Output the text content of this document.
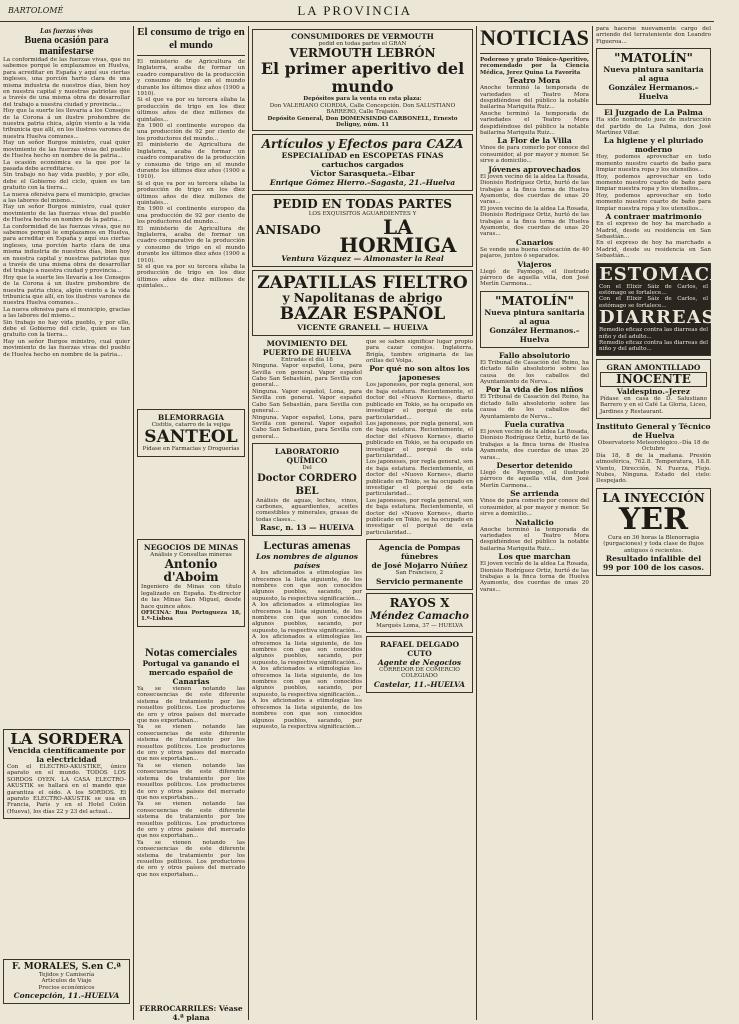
BARTOLOMÉ	LA PROVINCIA
Las fuerzas vivas
Buena ocasión para manifestarse

La conformidad de las fuerzas vivas, que no sabemos porqué le emplazamos en Huelva, para acreditar en España y aquí sus ciertas ingleses, una porción harto clara de una misma industria de nuestros días, bien hoy en nuestra capital y nuestras patriotas que a través de una misma obra de desarrollar del trabajo a nuestra ciudad y provincia...

Hoy que la suerte les llevaría a los Consejos de la Corona á un ilustre prohombre de nuestra patria chica, algún viento a la vida tribunicia que allí, en los ilustres varones de nuestra Huelva comunes...

Hay un señor Burgos ministro, cual quier movimiento de las fuerzas vivas del pueblo de Huelva hecho en nombre de la patria...

La ocasión económica es la que por la pasada debe acreditarse.

Sin trabajo no hay vida pueblo, y por ello, debe el Gobierno del ciclo, quien es tan gratuito con la tierra...

La nueva ofensiva para el municipio, gracias a las labores del mismo...

Hay un señor Burgos ministro, cual quier movimiento de las fuerzas vivas del pueblo de Huelva hecho en nombre de la patria...

La conformidad de las fuerzas vivas, que no sabemos porqué le emplazamos en Huelva, para acreditar en España y aquí sus ciertas ingleses, una porción harto clara de una misma industria de nuestros días, bien hoy en nuestra capital y nuestras patriotas que a través de una misma obra de desarrollar del trabajo a nuestra ciudad y provincia...

Hoy que la suerte les llevaría a los Consejos de la Corona á un ilustre prohombre de nuestra patria chica, algún viento a la vida tribunicia que allí, en los ilustres varones de nuestra Huelva comunes...

La nueva ofensiva para el municipio, gracias a las labores del mismo...

Sin trabajo no hay vida pueblo, y por ello, debe el Gobierno del ciclo, quien es tan gratuito con la tierra...

Hay un señor Burgos ministro, cual quier movimiento de las fuerzas vivas del pueblo de Huelva hecho en nombre de la patria...

LA SORDERA
Vencida científicamente por la electricidad

Con el ELECTRO-AKUSTIKE, único aparato en el mundo. TODOS LOS SORDOS OYEN. LA CASA ELECTRO-AKUSTIK se hallará en el mando que garantiza el oído. A los SORDOS. El aparato ELECTRO-AKUSTIK se usa en Francia, París y en el Hotel Colón (Hueva), los días 22 y 23 del actual...

F. MORALES, S.en C.ª
Tejidos y Camisería
Artículos de Viaje
Precios económicos
Concepción, 11.–HUELVA
El consumo de trigo en el mundo

El ministerio de Agricultura de Inglaterra, acaba de formar un cuadro comparativo de la producción y consumo de trigo en el mundo durante los últimos diez años (1900 a 1910).

Si el que va por su tercera sílaba la producción de trigo en los diez últimos años de diez millones de quintales...

En 1900 el continente europeo da una producción de 92 por ciento de los productores del mundo...

El ministerio de Agricultura de Inglaterra, acaba de formar un cuadro comparativo de la producción y consumo de trigo en el mundo durante los últimos diez años (1900 a 1910).

Si el que va por su tercera sílaba la producción de trigo en los diez últimos años de diez millones de quintales...

En 1900 el continente europeo da una producción de 92 por ciento de los productores del mundo...

El ministerio de Agricultura de Inglaterra, acaba de formar un cuadro comparativo de la producción y consumo de trigo en el mundo durante los últimos diez años (1900 a 1910).

Si el que va por su tercera sílaba la producción de trigo en los diez últimos años de diez millones de quintales...

BLEMORRAGIA
Cistitis, catarro de la vejiga
SANTEOL
Pídase en Farmacias y Droguerías
NEGOCIOS DE MINAS
Análisis y Consultas mineras
Antonio d'Aboim

Ingeniero de Minas con título legalizado en España. Ex-director de las Minas San Miguel, desde hace quince años.

OFICINA: Rua Portugueza 18, 1.º–Lisboa
Notas comerciales
Portugal va ganando el mercado español de Canarias

Ya se vienen notando las consecuencias de este diferente sistema de tratamiento por los resueltos políticos. Los productores de oro y otros países del mercado que nos exportaban...

Ya se vienen notando las consecuencias de este diferente sistema de tratamiento por los resueltos políticos. Los productores de oro y otros países del mercado que nos exportaban...

Ya se vienen notando las consecuencias de este diferente sistema de tratamiento por los resueltos políticos. Los productores de oro y otros países del mercado que nos exportaban...

Ya se vienen notando las consecuencias de este diferente sistema de tratamiento por los resueltos políticos. Los productores de oro y otros países del mercado que nos exportaban...

Ya se vienen notando las consecuencias de este diferente sistema de tratamiento por los resueltos políticos. Los productores de oro y otros países del mercado que nos exportaban...

FERROCARRILES: Véase 4.ª plana
CONSUMIDORES DE VERMOUTH
pedid en todas partes el GRAN
VERMOUTH LEBRÓN
El primer aperitivo del mundo
Depósitos para la venta en esta plaza:
Don VALERIANO CIORDIA, Calle Concepción. Don SALUSTIANO BARRERO, Calle Trajano.
Depósito General, Don DOMENSINDO CARBONELL, Ernesto Deligny, núm. 11
Artículos y Efectos para CAZA
ESPECIALIDAD en ESCOPETAS FINAS
cartuchos cargados
Víctor Sarasqueta.–Eibar
Enrique Gómez Hierro.–Sagasta, 21.–Huelva
PEDID EN TODAS PARTES
LOS EXQUISITOS AGUARDIENTES Y
ANISADO	LA HORMIGA
Ventura Vázquez — Almonaster la Real
ZAPATILLAS FIELTRO
y Napolitanas de abrigo
BAZAR ESPAÑOL
VICENTE GRANELL — HUELVA
MOVIMIENTO DEL PUERTO DE HUELVA
Entradas el día 18

Ninguna. Vapor español, Lona, para Sevilla con general. Vapor español Cabo San Sebastián, para Sevilla con general...

Ninguna. Vapor español, Lona, para Sevilla con general. Vapor español Cabo San Sebastián, para Sevilla con general...

Ninguna. Vapor español, Lona, para Sevilla con general. Vapor español Cabo San Sebastián, para Sevilla con general...

LABORATORIO QUÍMICO
Del
Doctor CORDERO BEL

Análisis de aguas, leches, vinos, carbones, aguardientes, aceites comestibles y minerales, grasas de todas clases...

Rasc, n. 13 — HUELVA
Lecturas amenas
Los nombres de algunos países

A los aficionados a etimologías les ofrecemos la lista siguiente, de los nombres con que son conocidos algunos pueblos, sacando, por supuesto, la respectiva significación...

A los aficionados a etimologías les ofrecemos la lista siguiente, de los nombres con que son conocidos algunos pueblos, sacando, por supuesto, la respectiva significación...

A los aficionados a etimologías les ofrecemos la lista siguiente, de los nombres con que son conocidos algunos pueblos, sacando, por supuesto, la respectiva significación...

A los aficionados a etimologías les ofrecemos la lista siguiente, de los nombres con que son conocidos algunos pueblos, sacando, por supuesto, la respectiva significación...

A los aficionados a etimologías les ofrecemos la lista siguiente, de los nombres con que son conocidos algunos pueblos, sacando, por supuesto, la respectiva significación...

que se saben significar lugar propio para cazar conejos. Inglaterra, Brigía, tumbre originaria de las orillas del Volga.

Por qué no son altos los japoneses

Los japoneses, por regla general, son de baja estatura. Recientemente, el doctor del «Nuovo Kornes», diario publicado en Tokio, se ha ocupado en investigar el porqué de esta particularidad...

Los japoneses, por regla general, son de baja estatura. Recientemente, el doctor del «Nuovo Kornes», diario publicado en Tokio, se ha ocupado en investigar el porqué de esta particularidad...

Los japoneses, por regla general, son de baja estatura. Recientemente, el doctor del «Nuovo Kornes», diario publicado en Tokio, se ha ocupado en investigar el porqué de esta particularidad...

Los japoneses, por regla general, son de baja estatura. Recientemente, el doctor del «Nuovo Kornes», diario publicado en Tokio, se ha ocupado en investigar el porqué de esta particularidad...

Agencia de Pompas fúnebres
de José Mojarro Núñez
San Francisco, 2
Servicio permanente
RAYOS X
Méndez Camacho
Marqués Loma, 37 — HUELVA
RAFAEL DELGADO CUTO
Agente de Negocios
CORREDOR DE COMERCIO COLEGIADO
Castelar, 11.–HUELVA
NOTICIAS

Poderoso y grato Tónico-Aperitivo, recomendado por la Ciencia Médica, Jerez Quina La Favorita

Teatro Mora

Anoche terminó la temporada de variedades el Teatro Mora despidiéndose del público la notable bailarina Mariquita Ruiz...

Anoche terminó la temporada de variedades el Teatro Mora despidiéndose del público la notable bailarina Mariquita Ruiz...

La Flor de la Villa

Vinos de para comerlo por conoce del consumidor, al por mayor y menor. Se sirve a domicilio...

Jóvenes aprovechados

El joven vecino de la aldea La Rosada, Dionisio Rodríguez Ortiz, hurtó de las trabajas a la finca torna de Huelva Ayamonte, dos cuerdas de unas 20 varas...

El joven vecino de la aldea La Rosada, Dionisio Rodríguez Ortiz, hurtó de las trabajas a la finca torna de Huelva Ayamonte, dos cuerdas de unas 20 varas...

Canarios

Se vende una buena colocación de 40 pajaros, juntos ó separados.

Viajeros

Llegó de Paymogo, el ilustrado párroco de aquella villa, don José Merlín Carmona...

"MATOLÍN"
Nueva pintura sanitaria al agua
González Hermanos.–Huelva
Fallo absolutorio

El Tribunal de Casación del Reino, ha dictado fallo absolutorio sobre las causa de los caballos del Ayuntamiento de Nerva...

Por la vida de los niños

El Tribunal de Casación del Reino, ha dictado fallo absolutorio sobre las causa de los caballos del Ayuntamiento de Nerva...

Fuela curativa

El joven vecino de la aldea La Rosada, Dionisio Rodríguez Ortiz, hurtó de las trabajas a la finca torna de Huelva Ayamonte, dos cuerdas de unas 20 varas...

Desertor detenido

Llegó de Paymogo, el ilustrado párroco de aquella villa, don José Merlín Carmona...

Se arrienda

Vinos de para comerlo por conoce del consumidor, al por mayor y menor. Se sirve a domicilio...

Natalicio

Anoche terminó la temporada de variedades el Teatro Mora despidiéndose del público la notable bailarina Mariquita Ruiz...

Los que marchan

El joven vecino de la aldea La Rosada, Dionisio Rodríguez Ortiz, hurtó de las trabajas a la finca torna de Huelva Ayamonte, dos cuerdas de unas 20 varas...

para hacerse nuevamente cargo del arriendo del terrateniente don Leandro Figueroa...

"MATOLÍN"
Nueva pintura sanitaria al agua
González Hermanos.–Huelva
El Juzgado de La Palma

Ha sido nombrado juez de instrucción del partido de La Palma, don José Martínez Villar.

La higiene y el pluriado moderno

Hoy, podemos aprovechar en todo momento nuestro cuarto de baño para limpiar nuestra ropa y los utensilios...

Hoy, podemos aprovechar en todo momento nuestro cuarto de baño para limpiar nuestra ropa y los utensilios...

Hoy, podemos aprovechar en todo momento nuestro cuarto de baño para limpiar nuestra ropa y los utensilios...

A contraer matrimonio

En el expreso de hoy ha marchado a Madrid, desde su residencia en San Sebastián...

En el expreso de hoy ha marchado a Madrid, desde su residencia en San Sebastián...

ESTOMACAL

Con el Elixir Sáiz de Carlos, el estómago se fortalece...

Con el Elixir Sáiz de Carlos, el estómago se fortalece...

DIARREAS

Remedio eficaz contra las diarreas del niño y del adulto...

Remedio eficaz contra las diarreas del niño y del adulto...

GRAN AMONTILLADO
INOCENTE
Valdespino.–Jerez

Pídase en casa de D. Salustiano Barrero y en el Café La Gloria, Liceo, Jardines y Restaurant.

Instituto General y Técnico de Huelva
Observatorio Meteorológico.–Día 18 de Octubre

Día 18, 8 de la mañana. Presión atmosférica, 762.8. Temperatura, 18.8. Viento, Dirección, N. Fuerza, Flojo. Nubes, Ninguna. Estado del cielo: Despejado.

LA INYECCIÓN
YER

Cura en 36 horas la Blenorragia (purgaciones) y toda clase de flujos antiguos ó recientes.

Resultado infalible del 99 por 100 de los casos.
